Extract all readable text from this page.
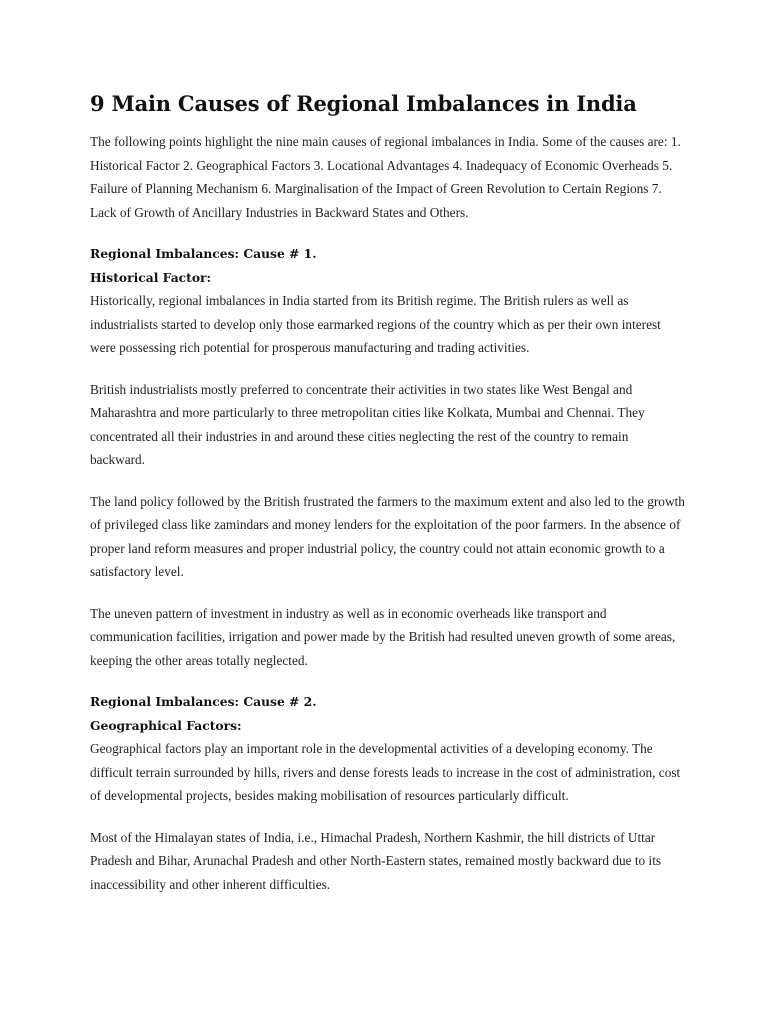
9 Main Causes of Regional Imbalances in India

The following points highlight the nine main causes of regional imbalances in India. Some of the causes are: 1. Historical Factor 2. Geographical Factors 3. Locational Advantages 4. Inadequacy of Economic Overheads 5. Failure of Planning Mechanism 6. Marginalisation of the Impact of Green Revolution to Certain Regions 7. Lack of Growth of Ancillary Industries in Backward States and Others.

Regional Imbalances: Cause # 1.

Historical Factor:

Historically, regional imbalances in India started from its British regime. The British rulers as well as industrialists started to develop only those earmarked regions of the country which as per their own interest were possessing rich potential for prosperous manufacturing and trading activities.

British industrialists mostly preferred to concentrate their activities in two states like West Bengal and Maharashtra and more particularly to three metropolitan cities like Kolkata, Mumbai and Chennai. They concentrated all their industries in and around these cities neglecting the rest of the country to remain backward.

The land policy followed by the British frustrated the farmers to the maximum extent and also led to the growth of privileged class like zamindars and money lenders for the exploitation of the poor farmers. In the absence of proper land reform measures and proper industrial policy, the country could not attain economic growth to a satisfactory level.

The uneven pattern of investment in industry as well as in economic overheads like transport and communication facilities, irrigation and power made by the British had resulted uneven growth of some areas, keeping the other areas totally neglected.

Regional Imbalances: Cause # 2.

Geographical Factors:

Geographical factors play an important role in the developmental activities of a developing economy. The difficult terrain surrounded by hills, rivers and dense forests leads to increase in the cost of administration, cost of developmental projects, besides making mobilisation of resources particularly difficult.

Most of the Himalayan states of India, i.e., Himachal Pradesh, Northern Kashmir, the hill districts of Uttar Pradesh and Bihar, Arunachal Pradesh and other North-Eastern states, remained mostly backward due to its inaccessibility and other inherent difficulties.
